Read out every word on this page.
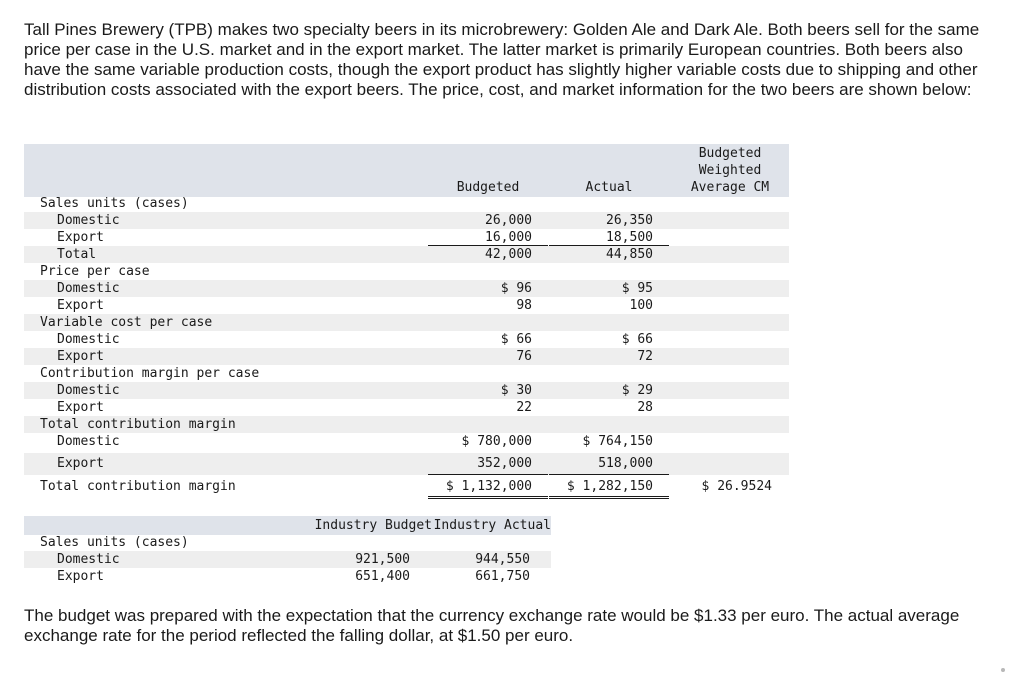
Tall Pines Brewery (TPB) makes two specialty beers in its microbrewery: Golden Ale and Dark Ale. Both beers sell for the same price per case in the U.S. market and in the export market. The latter market is primarily European countries. Both beers also have the same variable production costs, though the export product has slightly higher variable costs due to shipping and other distribution costs associated with the export beers. The price, cost, and market information for the two beers are shown below:
Budgeted	Actual
Budgeted
Weighted
Average CM
Sales units (cases)
Domestic	26,000	26,350
Export	16,000	18,500
Total	42,000	44,850
Price per case
Domestic	$ 96	$ 95
Export	98	100
Variable cost per case
Domestic	$ 66	$ 66
Export	76	72
Contribution margin per case
Domestic	$ 30	$ 29
Export	22	28
Total contribution margin
Domestic	$ 780,000	$ 764,150
Export	352,000	518,000
Total contribution margin	$ 1,132,000	$ 1,282,150	$ 26.9524
Industry Budget Industry Actual
Sales units (cases)
Domestic	921,500	944,550
Export	651,400	661,750
The budget was prepared with the expectation that the currency exchange rate would be $1.33 per euro. The actual average exchange rate for the period reflected the falling dollar, at $1.50 per euro.
